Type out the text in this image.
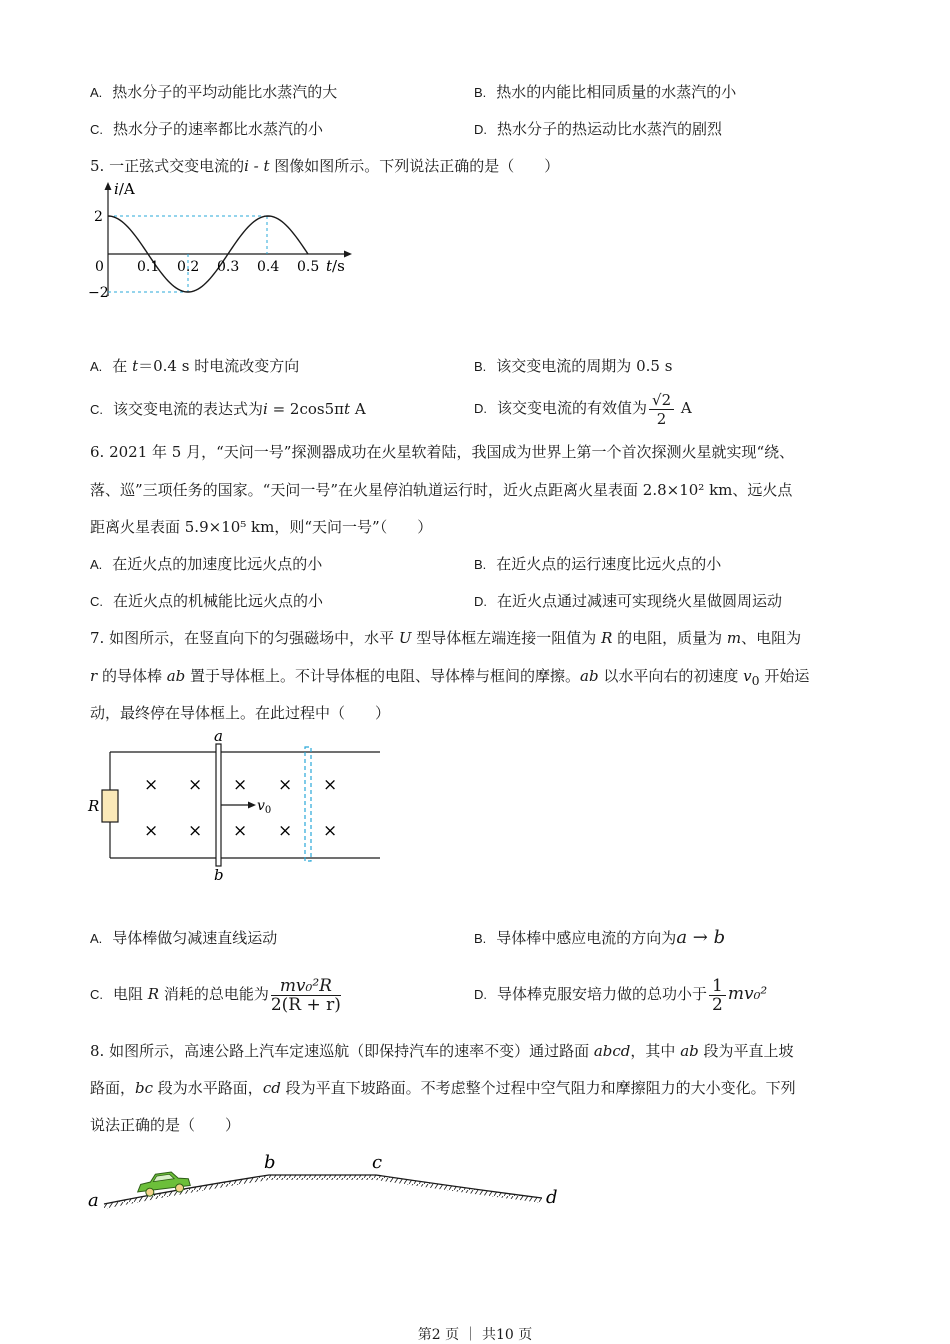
A. 热水分子的平均动能比水蒸汽的大	B. 热水的内能比相同质量的水蒸汽的小
C. 热水分子的速率都比水蒸汽的小	D. 热水分子的热运动比水蒸汽的剧烈
5. 一正弦式交变电流的i - t 图像如图所示。下列说法正确的是（　　）
i/A
2
−2
0 0.1 0.2 0.3 0.4 0.5 t/s
A. 在 t＝0.4 s 时电流改变方向	B. 该交变电流的周期为 0.5 s
C. 该交变电流的表达式为i = 2cos5πt A	D. 该交变电流的有效值为 $\frac{√2}{2}$ A
6. 2021 年 5 月，“天问一号”探测器成功在火星软着陆，我国成为世界上第一个首次探测火星就实现“绕、
落、巡”三项任务的国家。“天问一号”在火星停泊轨道运行时，近火点距离火星表面 2.8×10² km、远火点
距离火星表面 5.9×10⁵ km，则“天问一号”（　　）
A. 在近火点的加速度比远火点的小	B. 在近火点的运行速度比远火点的小
C. 在近火点的机械能比远火点的小	D. 在近火点通过减速可实现绕火星做圆周运动
7. 如图所示，在竖直向下的匀强磁场中，水平 U 型导体框左端连接一阻值为 R 的电阻，质量为 m、电阻为
r 的导体棒 ab 置于导体框上。不计导体框的电阻、导体棒与框间的摩擦。ab 以水平向右的初速度 $v_0$ 开始运
动，最终停在导体框上。在此过程中（　　）
R
a
b
$v_0$
× × × × ×
× × × × ×
A. 导体棒做匀减速直线运动	B. 导体棒中感应电流的方向为a → b
C. 电阻 R 消耗的总电能为 $\frac{\text{mv₀²R}}{2(R + r)}$	D. 导体棒克服安培力做的总功小于 $\frac{1}{2} mv_0^2$
8. 如图所示，高速公路上汽车定速巡航（即保持汽车的速率不变）通过路面 abcd，其中 ab 段为平直上坡
路面，bc 段为水平路面，cd 段为平直下坡路面。不考虑整个过程中空气阻力和摩擦阻力的大小变化。下列
说法正确的是（　　）
a
b	c
d
第2 页 ｜ 共10 页
